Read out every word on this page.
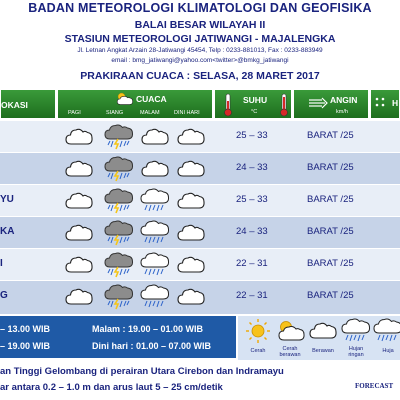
BADAN METEOROLOGI KLIMATOLOGI DAN GEOFISIKA
BALAI BESAR WILAYAH II
STASIUN METEOROLOGI JATIWANGI - MAJALENGKA
Jl. Letnan Angkat Arzain 28-Jatiwangi 45454, Telp : 0233-881013, Fax : 0233-883949
email : bmg_jatiwangi@yahoo.com<twitter>@bmkg_jatiwangi
PRAKIRAAN CUACA : SELASA, 28 MARET 2017
OKASI
CUACA
PAGI	SIANG	MALAM	DINI HARI
SUHU
°C
ANGIN
km/h
H
25 – 33	BARAT /25
24 – 33	BARAT /25
YU	25 – 33	BARAT /25
KA	24 – 33	BARAT /25
I	22 – 31	BARAT /25
G	22 – 31	BARAT /25
– 13.00 WIB
– 19.00 WIB
Malam : 19.00 – 01.00 WIB
Dini hari : 01.00 – 07.00 WIB	Cerah	Cerah berawan
Berawan	Hujan ringan
Huja
an Tinggi Gelombang di perairan Utara Cirebon dan Indramayu
ar antara 0.2 – 1.0 m dan arus laut 5 – 25 cm/detik	FORECAST
